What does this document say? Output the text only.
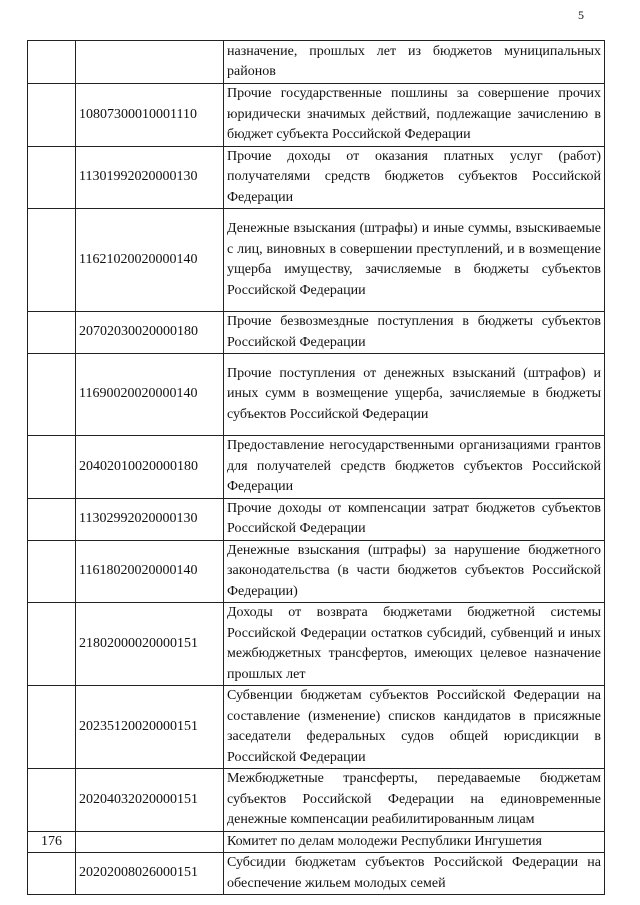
5
		назначение, прошлых лет из бюджетов муниципальных районов
	10807300010001110	Прочие государственные пошлины за совершение прочих юридически значимых действий, подлежащие зачислению в бюджет субъекта Российской Федерации
	11301992020000130	Прочие доходы от оказания платных услуг (работ) получателями средств бюджетов субъектов Российской Федерации
	11621020020000140	Денежные взыскания (штрафы) и иные суммы, взыскиваемые с лиц, виновных в совершении преступлений, и в возмещение ущерба имуществу, зачисляемые в бюджеты субъектов Российской Федерации
	20702030020000180	Прочие безвозмездные поступления в бюджеты субъектов Российской Федерации
	11690020020000140	Прочие поступления от денежных взысканий (штрафов) и иных сумм в возмещение ущерба, зачисляемые в бюджеты субъектов Российской Федерации
	20402010020000180	Предоставление негосударственными организациями грантов для получателей средств бюджетов субъектов Российской Федерации
	11302992020000130	Прочие доходы от компенсации затрат бюджетов субъектов Российской Федерации
	11618020020000140	Денежные взыскания (штрафы) за нарушение бюджетного законодательства (в части бюджетов субъектов Российской Федерации)
	21802000020000151	Доходы от возврата бюджетами бюджетной системы Российской Федерации остатков субсидий, субвенций и иных межбюджетных трансфертов, имеющих целевое назначение прошлых лет
	20235120020000151	Субвенции бюджетам субъектов Российской Федерации на составление (изменение) списков кандидатов в присяжные заседатели федеральных судов общей юрисдикции в Российской Федерации
	20204032020000151	Межбюджетные трансферты, передаваемые бюджетам субъектов Российской Федерации на единовременные денежные компенсации реабилитированным лицам
176		Комитет по делам молодежи Республики Ингушетия
	20202008026000151	Субсидии бюджетам субъектов Российской Федерации на обеспечение жильем молодых семей
